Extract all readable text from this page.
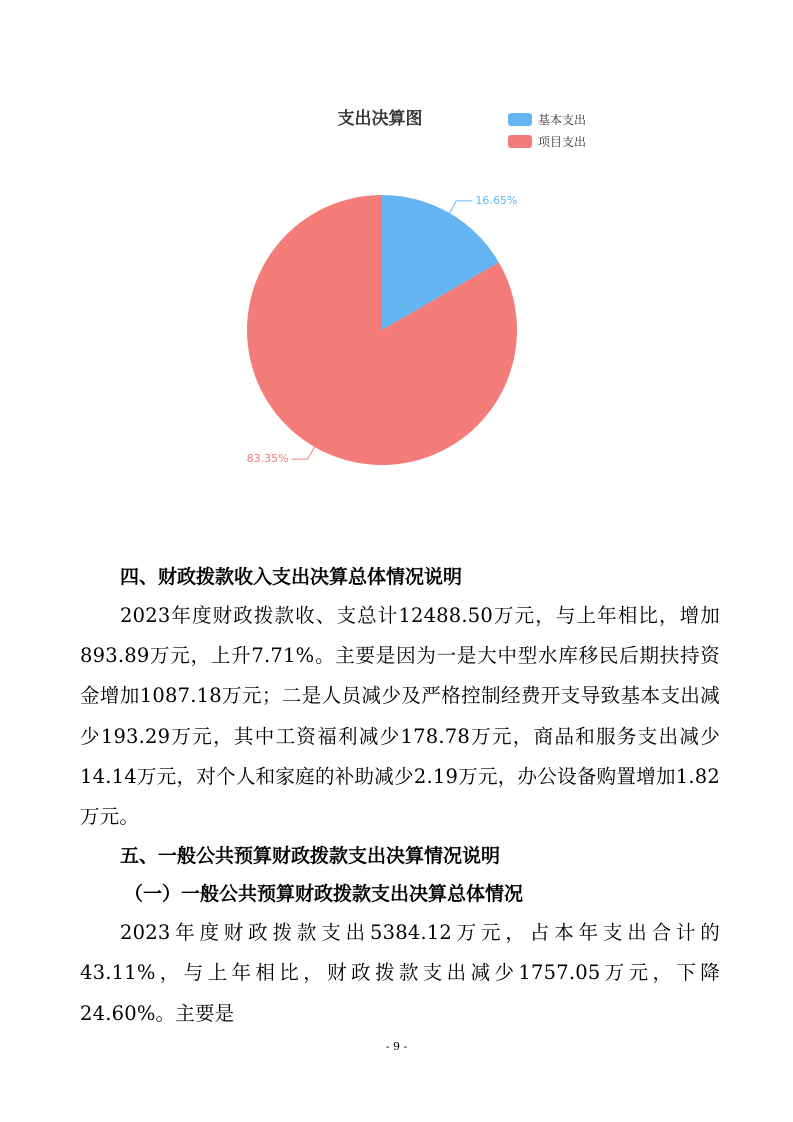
支出决算图	基本支出
项目支出
16.65%
83.35%

四、财政拨款收入支出决算总体情况说明

2023年度财政拨款收、支总计12488.50万元，与上年相比，增加893.89万元，上升7.71%。主要是因为一是大中型水库移民后期扶持资金增加1087.18万元；二是人员减少及严格控制经费开支导致基本支出减少193.29万元，其中工资福利减少178.78万元，商品和服务支出减少14.14万元，对个人和家庭的补助减少2.19万元，办公设备购置增加1.82万元。

五、一般公共预算财政拨款支出决算情况说明

（一）一般公共预算财政拨款支出决算总体情况

2023年度财政拨款支出5384.12万元，占本年支出合计的43.11%，与上年相比，财政拨款支出减少1757.05万元，下降24.60%。主要是

- 9 -
